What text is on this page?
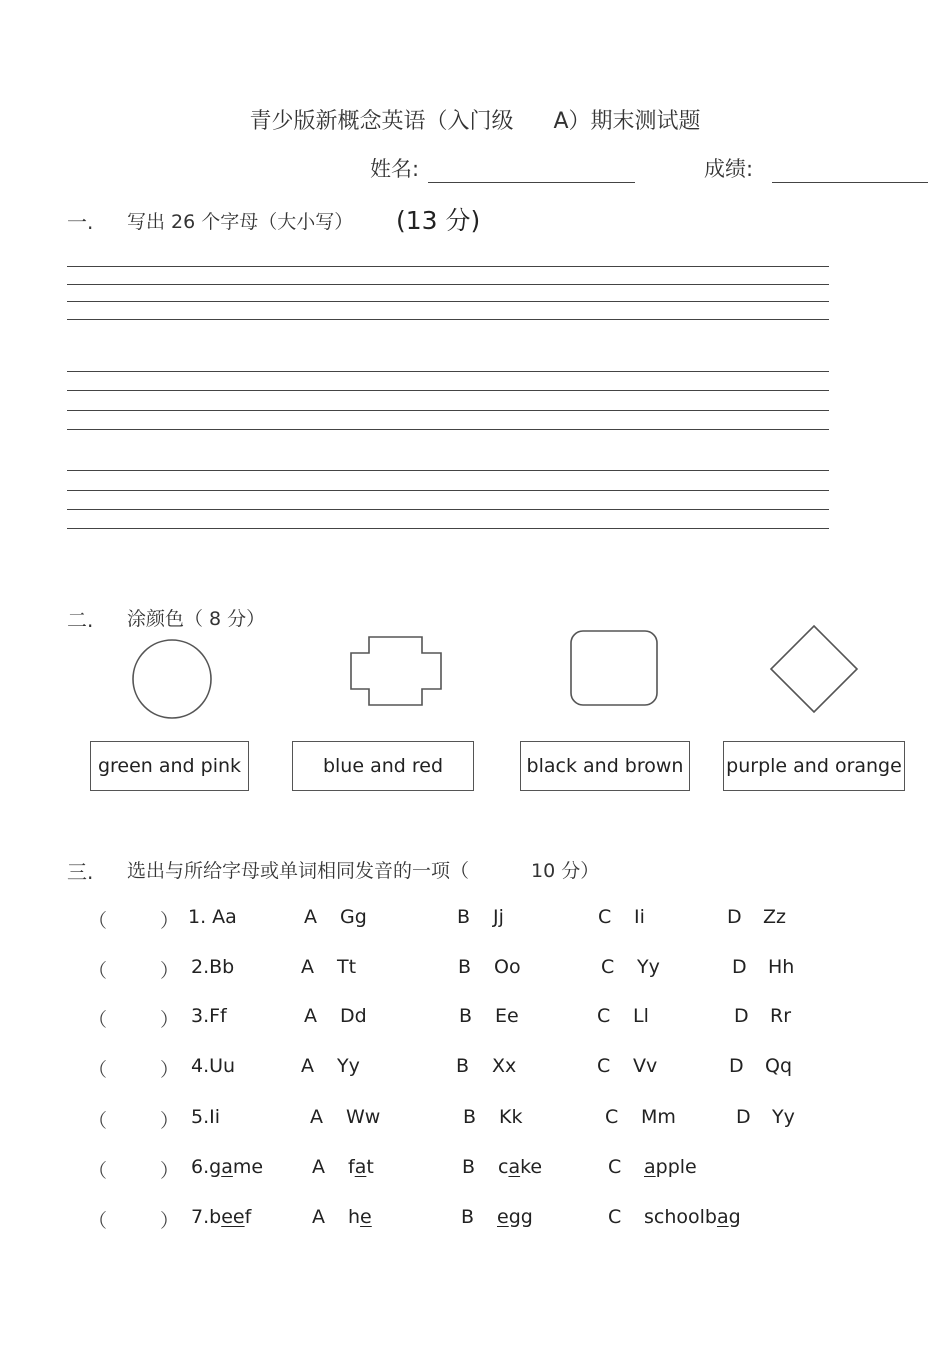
青少版新概念英语（入门级 A）期末测试题
姓名:	成绩:
一. 写出 26 个字母（大小写） (13 分)
二. 涂颜色（ 8 分）
green and pink	blue and red	black and brown purple and orange
三. 选出与所给字母或单词相同发音的一项（	10 分）
（	） 1. Aa	A Gg	B Jj	C Ii	D Zz
（	） 2.Bb	A Tt	B Oo	C Yy	D Hh
（	） 3.Ff	A Dd	B Ee	C Ll	D Rr
（	） 4.Uu	A Yy	B Xx	C Vv	D Qq
（	） 5.Ii	A Ww	B Kk	C Mm	D Yy
（	） 6.game	A fat	B cake	C apple
（	） 7.beef	A he	B egg	C schoolbag
